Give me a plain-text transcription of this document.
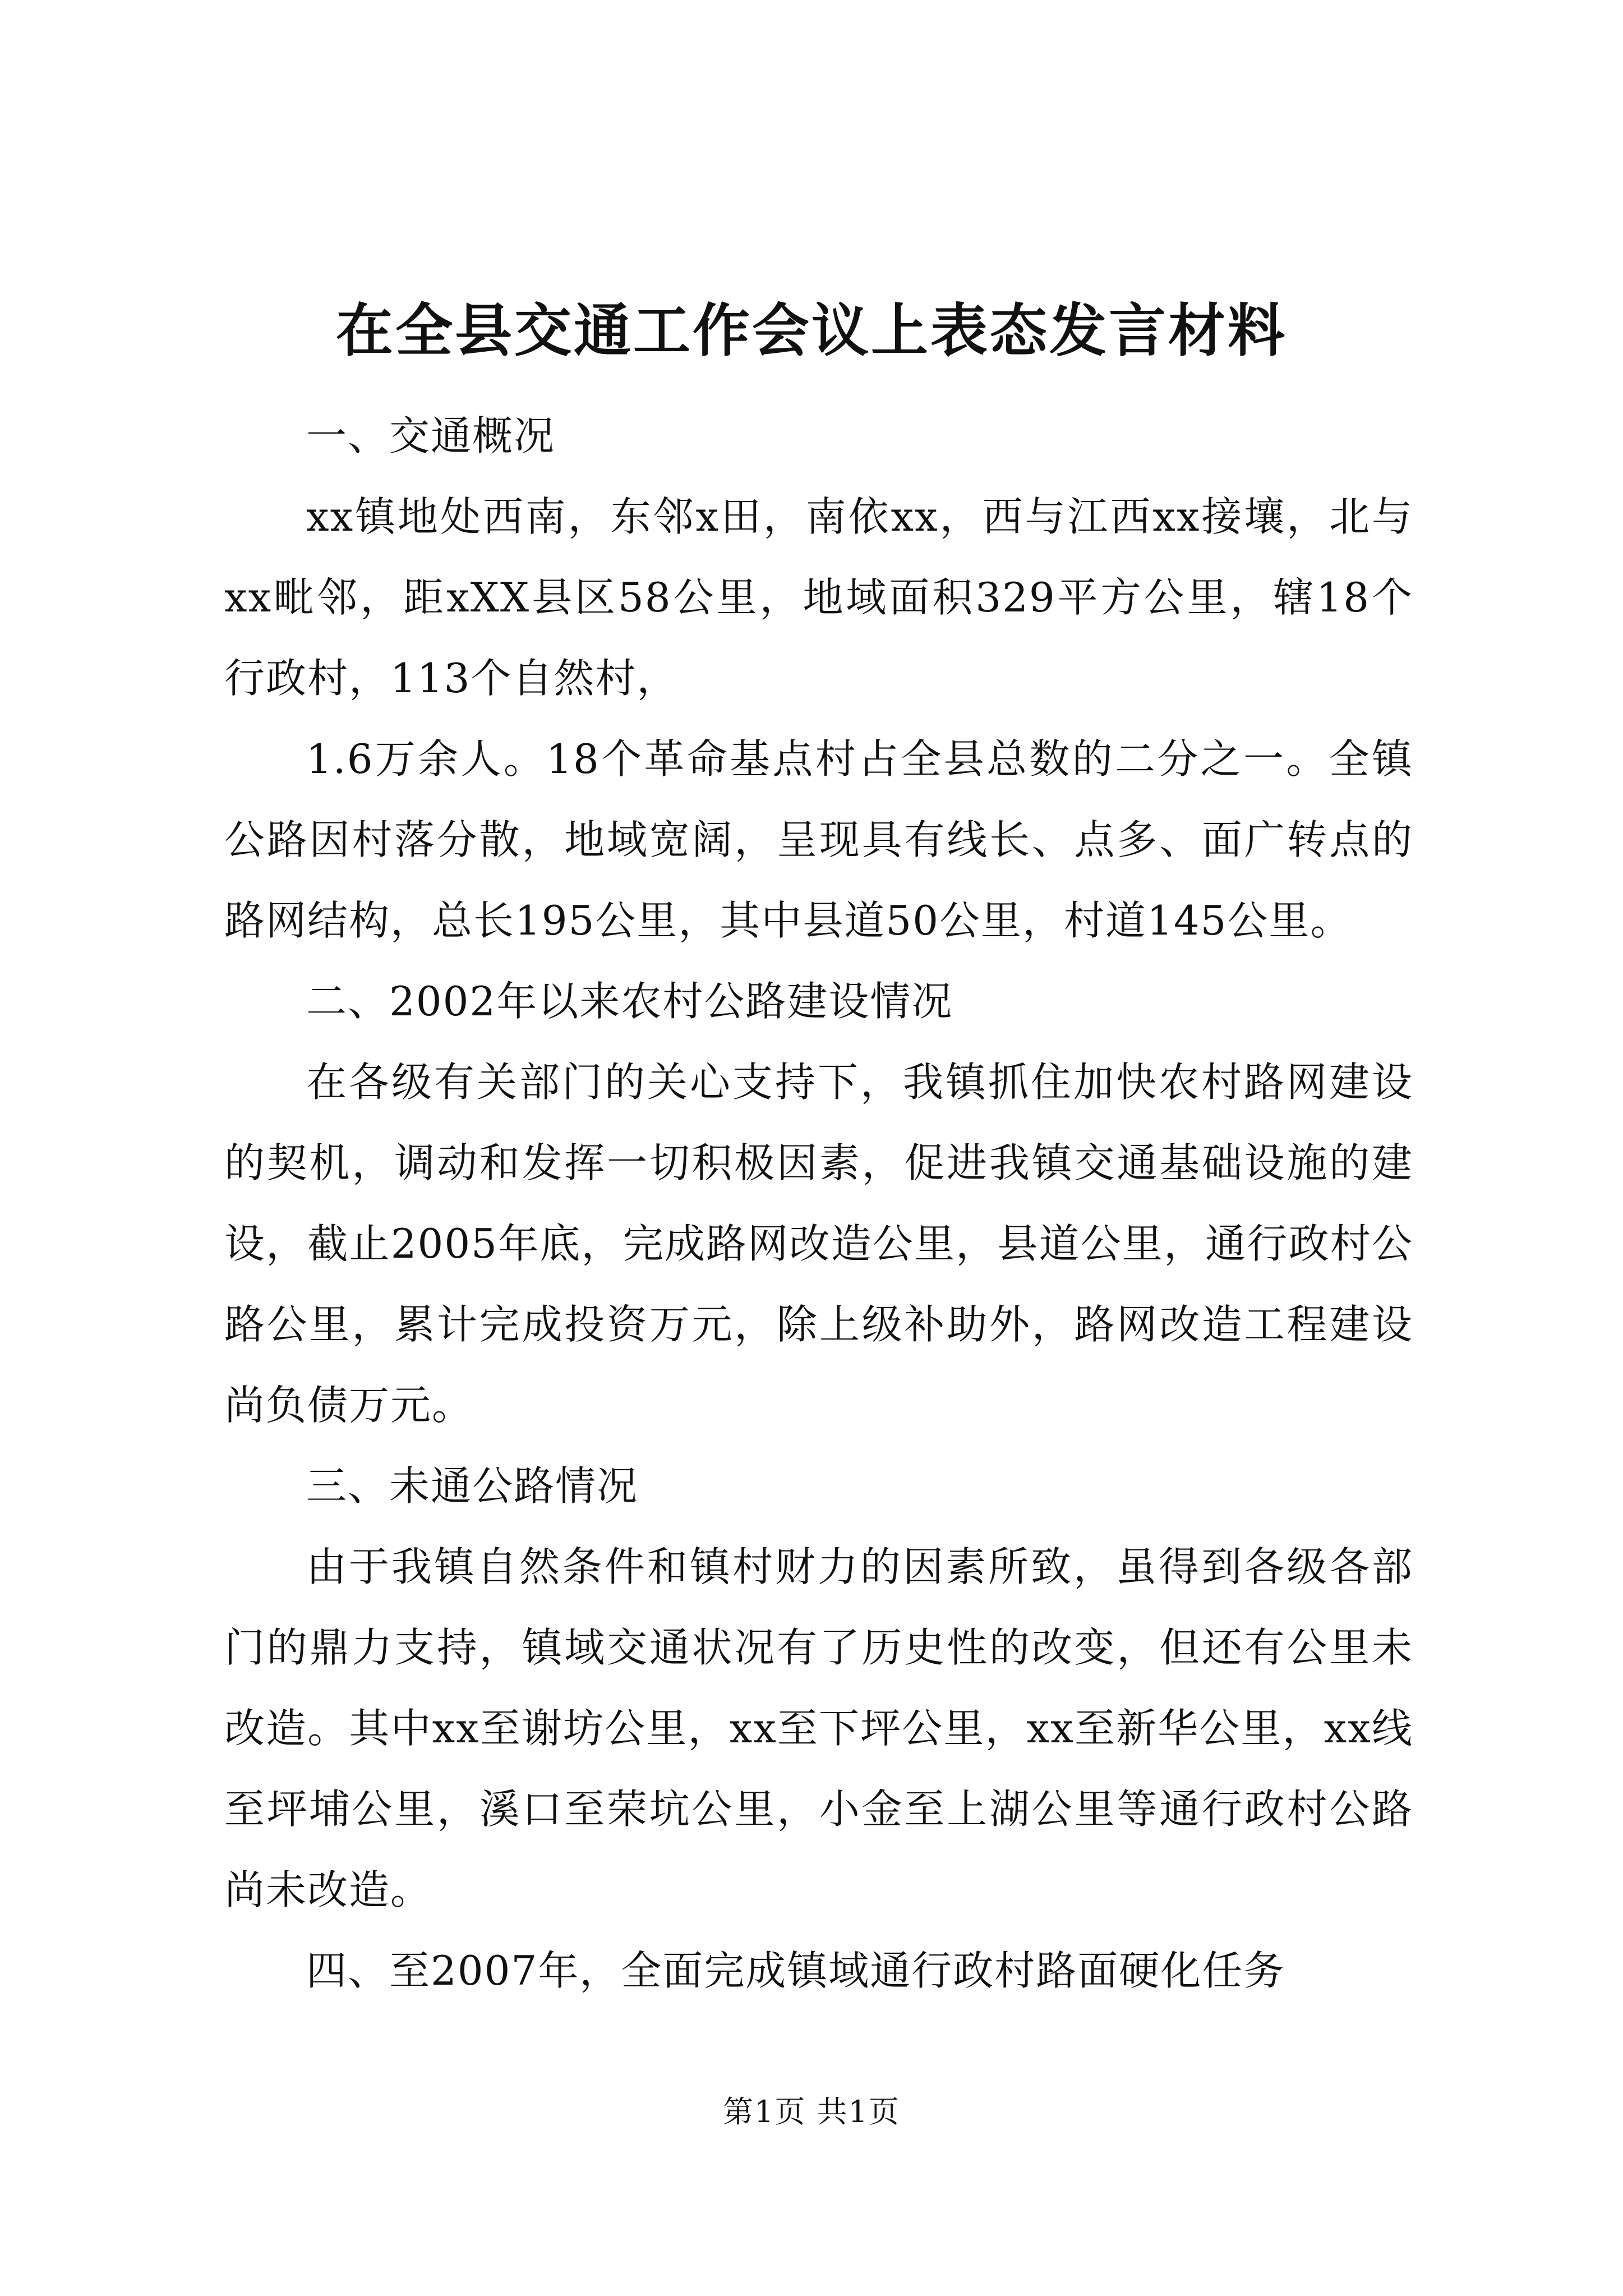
在全县交通工作会议上表态发言材料

一、交通概况

xx镇地处西南，东邻x田，南依xx，西与江西xx接壤，北与xx毗邻，距xXX县区58公里，地域面积329平方公里，辖18个行政村，113个自然村，

1.6万余人。18个革命基点村占全县总数的二分之一。全镇公路因村落分散，地域宽阔，呈现具有线长、点多、面广转点的路网结构，总长195公里，其中县道50公里，村道145公里。

二、2002年以来农村公路建设情况

在各级有关部门的关心支持下，我镇抓住加快农村路网建设的契机，调动和发挥一切积极因素，促进我镇交通基础设施的建设，截止2005年底，完成路网改造公里，县道公里，通行政村公路公里，累计完成投资万元，除上级补助外，路网改造工程建设尚负债万元。

三、未通公路情况

由于我镇自然条件和镇村财力的因素所致，虽得到各级各部门的鼎力支持，镇域交通状况有了历史性的改变，但还有公里未改造。其中xx至谢坊公里，xx至下坪公里，xx至新华公里，xx线至坪埔公里，溪口至荣坑公里，小金至上湖公里等通行政村公路尚未改造。

四、至2007年，全面完成镇域通行政村路面硬化任务

第1页 共1页
